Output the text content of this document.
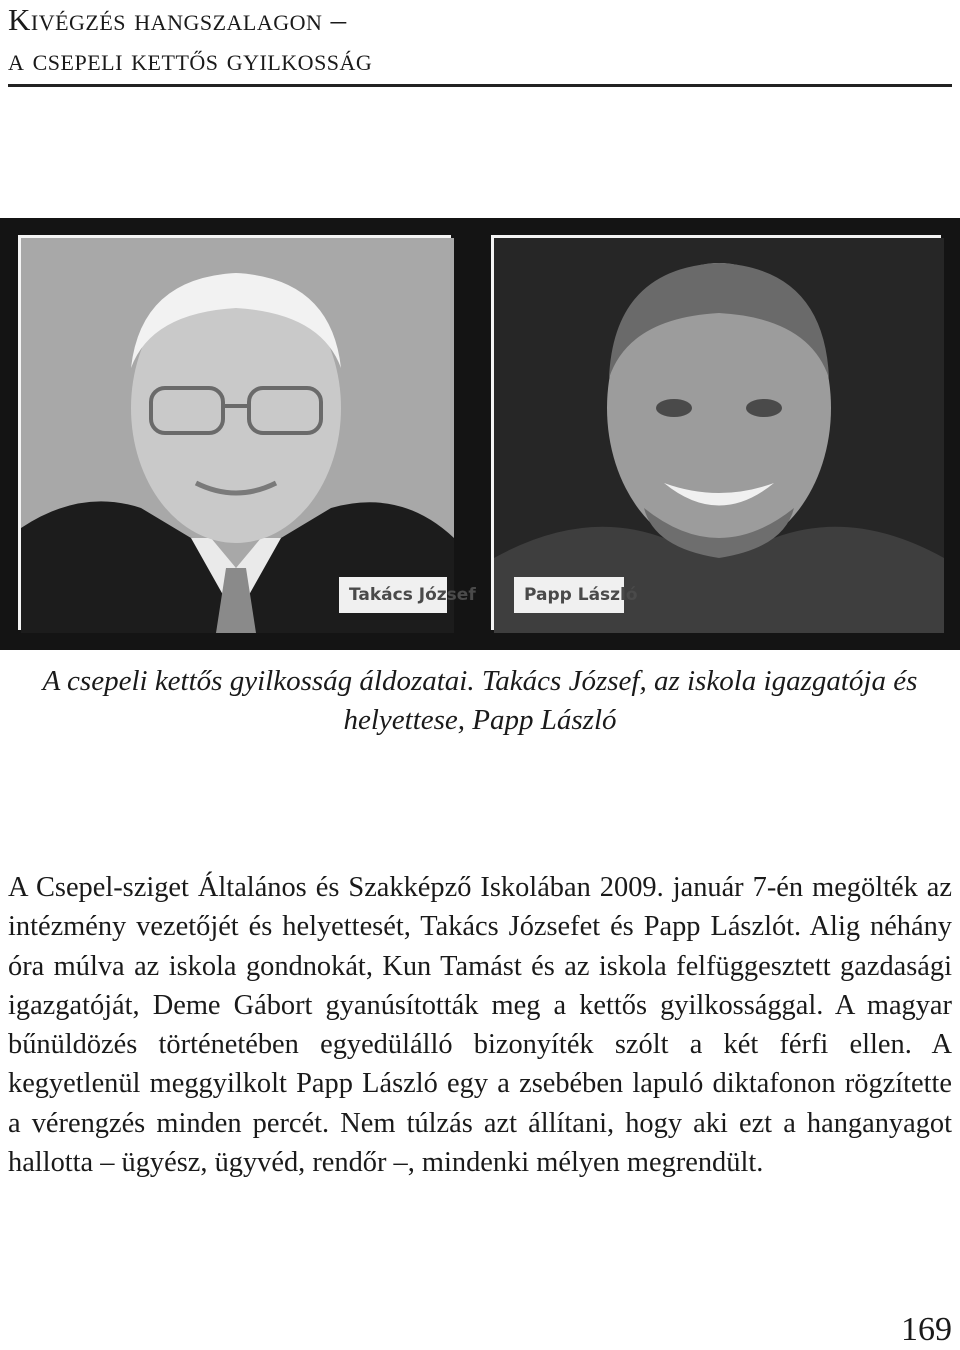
Kivégzés hangszalagon –
a csepeli kettős gyilkosság
Takács József	Papp László
A csepeli kettős gyilkosság áldozatai. Takács József, az iskola igazgatója és helyettese, Papp László

A Csepel-sziget Általános és Szakképző Iskolában 2009. január 7-én megölték az intézmény vezetőjét és helyettesét, Takács Józsefet és Papp Lászlót. Alig néhány óra múlva az iskola gondnokát, Kun Tamást és az iskola felfüggesztett gazdasági igazgatóját, Deme Gábort gyanúsították meg a kettős gyilkossággal. A magyar bűnüldözés történetében egyedülálló bizonyíték szólt a két férfi ellen. A kegyetlenül meggyilkolt Papp László egy a zsebében lapuló diktafonon rögzítette a vérengzés minden percét. Nem túlzás azt állítani, hogy aki ezt a hanganyagot hallotta – ügyész, ügyvéd, rendőr –, mindenki mélyen megrendült.

169
